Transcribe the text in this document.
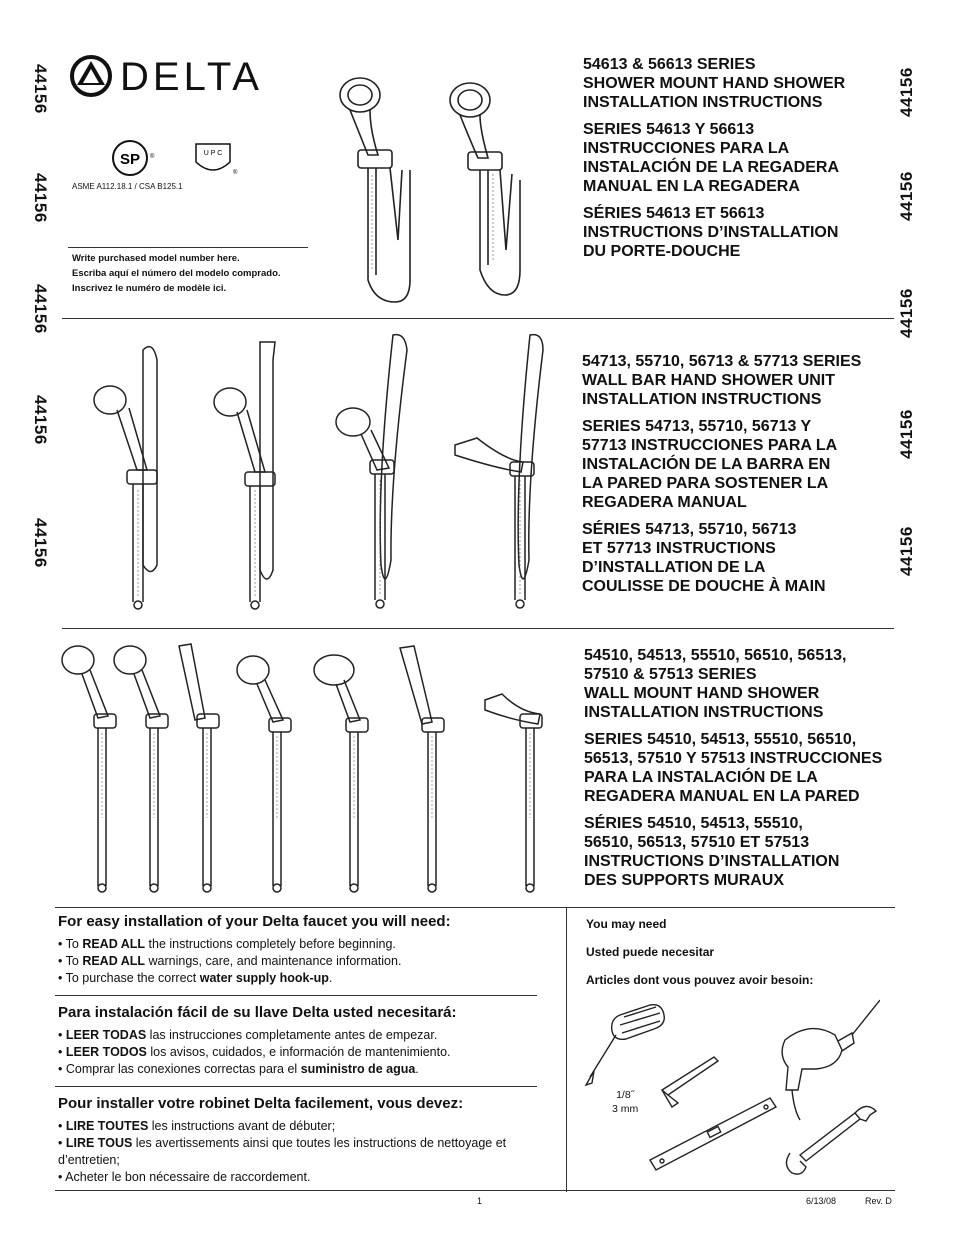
DELTA
SP ®	U P C
®
ASME A112.18.1 / CSA B125.1
Write purchased model number here.
Escriba aquí el número del modelo comprado.
Inscrivez le numéro de modèle ici.
44156
44156
44156
44156
44156
44156
44156
44156
44156
44156
54613 & 56613 SERIES
SHOWER MOUNT HAND SHOWER
INSTALLATION INSTRUCTIONS
SERIES 54613 Y 56613
INSTRUCCIONES PARA LA
INSTALACIÓN DE LA REGADERA
MANUAL EN LA REGADERA
SÉRIES 54613 ET 56613
INSTRUCTIONS D’INSTALLATION
DU PORTE-DOUCHE
54713, 55710, 56713 & 57713 SERIES
WALL BAR HAND SHOWER UNIT
INSTALLATION INSTRUCTIONS
SERIES 54713, 55710, 56713 Y
57713 INSTRUCCIONES PARA LA
INSTALACIÓN DE LA BARRA EN
LA PARED PARA SOSTENER LA
REGADERA MANUAL
SÉRIES 54713, 55710, 56713
ET 57713 INSTRUCTIONS
D’INSTALLATION DE LA
COULISSE DE DOUCHE À MAIN
54510, 54513, 55510, 56510, 56513,
57510 & 57513 SERIES
WALL MOUNT HAND SHOWER
INSTALLATION INSTRUCTIONS
SERIES 54510, 54513, 55510, 56510,
56513, 57510 Y 57513 INSTRUCCIONES
PARA LA INSTALACIÓN DE LA
REGADERA MANUAL EN LA PARED
SÉRIES 54510, 54513, 55510,
56510, 56513, 57510 ET 57513
INSTRUCTIONS D’INSTALLATION
DES SUPPORTS MURAUX
For easy installation of your Delta faucet you will need:
• To READ ALL the instructions completely before beginning.
• To READ ALL warnings, care, and maintenance information.
• To purchase the correct water supply hook-up.
Para instalación fácil de su llave Delta usted necesitará:
• LEER TODAS las instrucciones completamente antes de empezar.
• LEER TODOS los avisos, cuidados, e información de mantenimiento.
• Comprar las conexiones correctas para el suministro de agua.
Pour installer votre robinet Delta facilement, vous devez:
• LIRE TOUTES les instructions avant de débuter;
• LIRE TOUS les avertissements ainsi que toutes les instructions de nettoyage et d’entretien;
• Acheter le bon nécessaire de raccordement.
You may need
Usted puede necesitar
Articles dont vous pouvez avoir besoin:
1/8˝
3 mm
1	6/13/08	Rev. D
